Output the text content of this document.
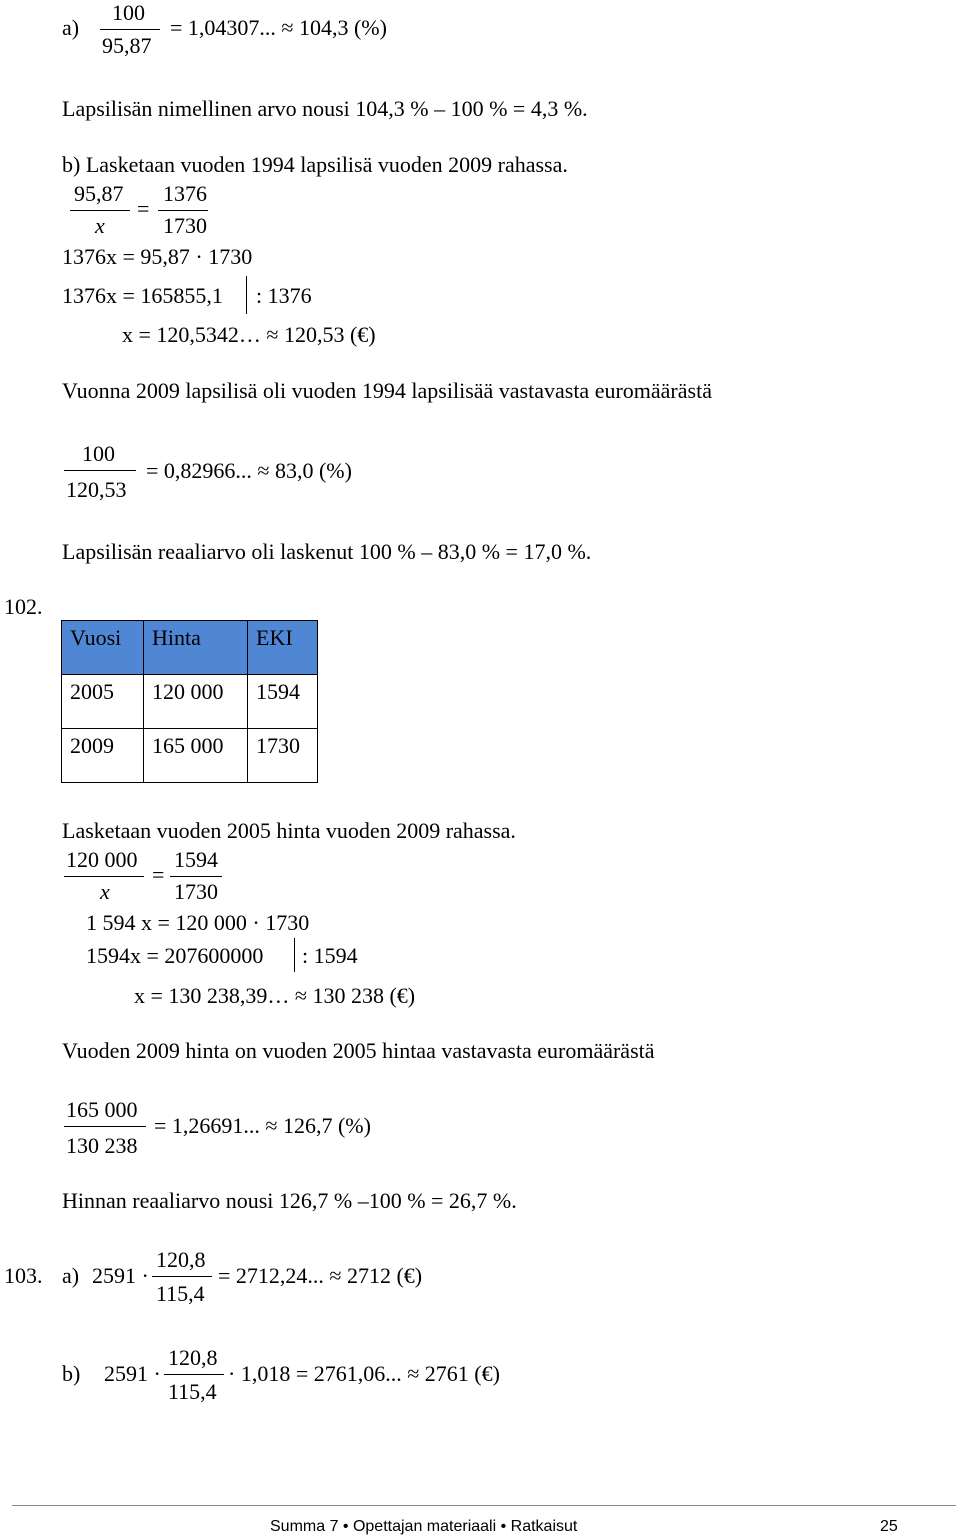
a)
100
95,87
= 1,04307... ≈ 104,3 (%)
Lapsilisän nimellinen arvo nousi 104,3 % – 100 % = 4,3 %.
b) Lasketaan vuoden 1994 lapsilisä vuoden 2009 rahassa.
95,87
x
=
1376
1730
1376x = 95,87 · 1730
1376x = 165855,1 : 1376
x = 120,5342… ≈ 120,53 (€)
Vuonna 2009 lapsilisä oli vuoden 1994 lapsilisää vastavasta euromäärästä
100
120,53
= 0,82966... ≈ 83,0 (%)
Lapsilisän reaaliarvo oli laskenut 100 % – 83,0 % = 17,0 %.
102.
Vuosi	Hinta	EKI
2005	120 000	1594
2009	165 000	1730
Lasketaan vuoden 2005 hinta vuoden 2009 rahassa.
120 000
x
=
1594
1730
1 594 x = 120 000 · 1730
1594x = 207600000 : 1594
x = 130 238,39… ≈ 130 238 (€)
Vuoden 2009 hinta on vuoden 2005 hintaa vastavasta euromäärästä
165 000
130 238
= 1,26691... ≈ 126,7 (%)
Hinnan reaaliarvo nousi 126,7 % –100 % = 26,7 %.
103. a) 2591 ·
120,8
115,4
= 2712,24... ≈ 2712 (€)
b) 2591 ·
120,8
115,4
· 1,018 = 2761,06... ≈ 2761 (€)
Summa 7 • Opettajan materiaali • Ratkaisut	25
